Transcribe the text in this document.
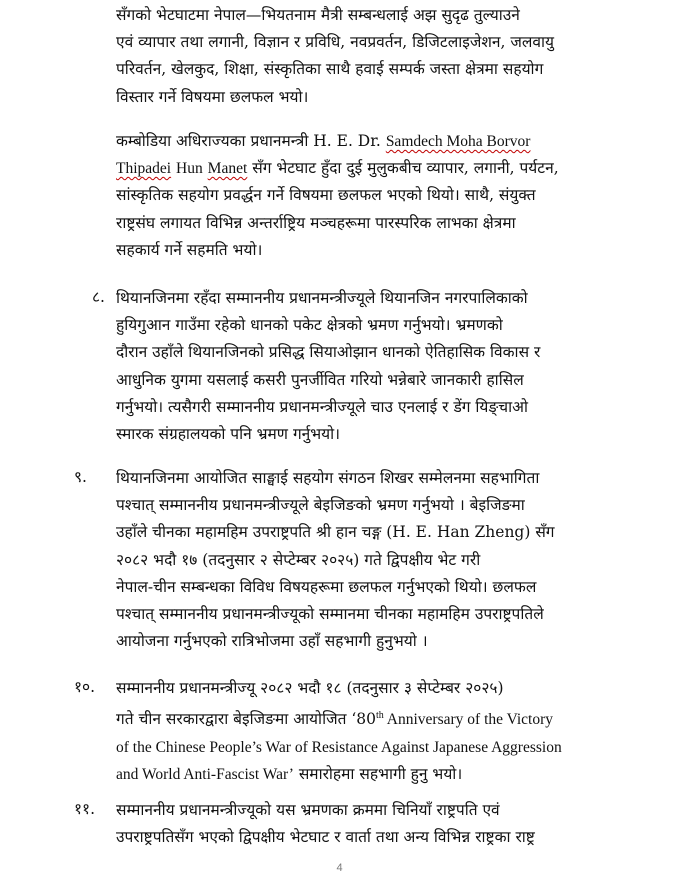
सँगको भेटघाटमा नेपाल—भियतनाम मैत्री सम्बन्धलाई अझ सुदृढ तुल्याउने
एवं व्यापार तथा लगानी, विज्ञान र प्रविधि, नवप्रवर्तन, डिजिटलाइजेशन, जलवायु
परिवर्तन, खेलकुद, शिक्षा, संस्कृतिका साथै हवाई सम्पर्क जस्ता क्षेत्रमा सहयोग
विस्तार गर्ने विषयमा छलफल भयो।
कम्बोडिया अधिराज्यका प्रधानमन्त्री H. E. Dr. Samdech Moha Borvor
Thipadei Hun Manet सँग भेटघाट हुँदा दुई मुलुकबीच व्यापार, लगानी, पर्यटन,
सांस्कृतिक सहयोग प्रवर्द्धन गर्ने विषयमा छलफल भएको थियो। साथै, संयुक्त
राष्ट्रसंघ लगायत विभिन्न अन्तर्राष्ट्रिय मञ्चहरूमा पारस्परिक लाभका क्षेत्रमा
सहकार्य गर्ने सहमति भयो।
८. थियानजिनमा रहँदा सम्माननीय प्रधानमन्त्रीज्यूले थियानजिन नगरपालिकाको
हुयिगुआन गाउँमा रहेको धानको पकेट क्षेत्रको भ्रमण गर्नुभयो। भ्रमणको
दौरान उहाँले थियानजिनको प्रसिद्ध सियाओझान धानको ऐतिहासिक विकास र
आधुनिक युगमा यसलाई कसरी पुनर्जीवित गरियो भन्नेबारे जानकारी हासिल
गर्नुभयो। त्यसैगरी सम्माननीय प्रधानमन्त्रीज्यूले चाउ एनलाई र डेंग यिङ्चाओ
स्मारक संग्रहालयको पनि भ्रमण गर्नुभयो।
९. थियानजिनमा आयोजित साङ्घाई सहयोग संगठन शिखर सम्मेलनमा सहभागिता
पश्चात् सम्माननीय प्रधानमन्त्रीज्यूले बेइजिङको भ्रमण गर्नुभयो । बेइजिङमा
उहाँले चीनका महामहिम उपराष्ट्रपति श्री हान चङ्ग (H. E. Han Zheng) सँग
२०८२ भदौ १७ (तदनुसार २ सेप्टेम्बर २०२५) गते द्विपक्षीय भेट गरी
नेपाल-चीन सम्बन्धका विविध विषयहरूमा छलफल गर्नुभएको थियो। छलफल
पश्चात् सम्माननीय प्रधानमन्त्रीज्यूको सम्मानमा चीनका महामहिम उपराष्ट्रपतिले
आयोजना गर्नुभएको रात्रिभोजमा उहाँ सहभागी हुनुभयो ।
१०. सम्माननीय प्रधानमन्त्रीज्यू २०८२ भदौ १८ (तदनुसार ३ सेप्टेम्बर २०२५)
गते चीन सरकारद्वारा बेइजिङमा आयोजित ‘80th Anniversary of the Victory
of the Chinese People’s War of Resistance Against Japanese Aggression
and World Anti-Fascist War’ समारोहमा सहभागी हुनु भयो।
११. सम्माननीय प्रधानमन्त्रीज्यूको यस भ्रमणका क्रममा चिनियाँ राष्ट्रपति एवं
उपराष्ट्रपतिसँग भएको द्विपक्षीय भेटघाट र वार्ता तथा अन्य विभिन्न राष्ट्रका राष्ट्र
4
